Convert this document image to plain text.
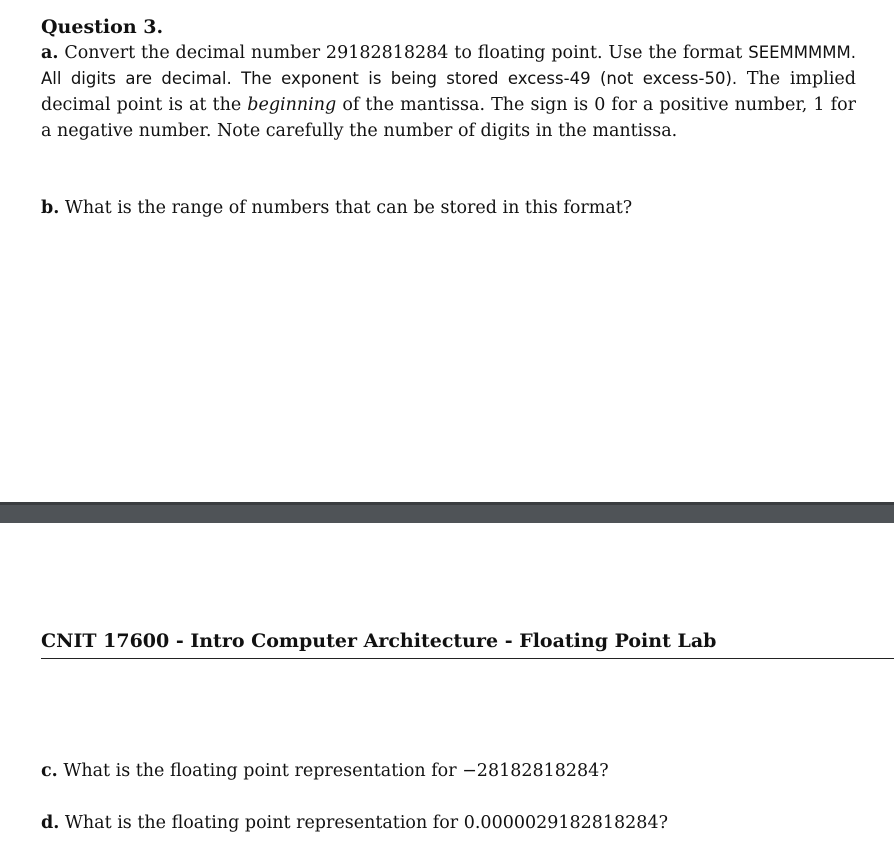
Question 3.

a. Convert the decimal number 29182818284 to floating point. Use the format SEEMMMMM. All digits are decimal. The exponent is being stored excess-49 (not excess-50). The implied decimal point is at the beginning of the mantissa. The sign is 0 for a positive number, 1 for a negative number. Note carefully the number of digits in the mantissa.

b. What is the range of numbers that can be stored in this format?

CNIT 17600 - Intro Computer Architecture - Floating Point Lab

c. What is the floating point representation for −28182818284?

d. What is the floating point representation for 0.0000029182818284?
